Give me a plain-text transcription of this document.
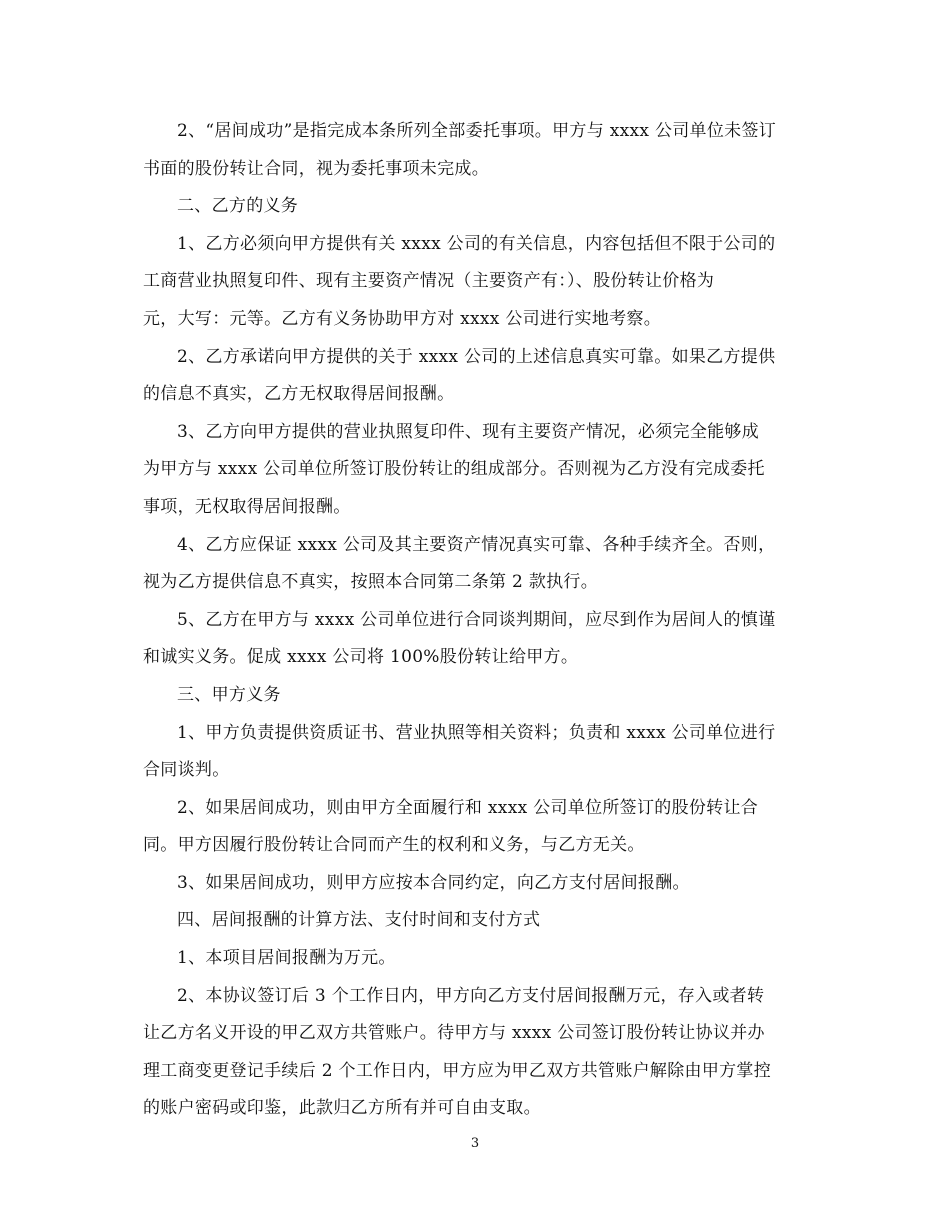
2、“居间成功”是指完成本条所列全部委托事项。甲方与 xxxx 公司单位未签订
书面的股份转让合同，视为委托事项未完成。
二、乙方的义务
1、乙方必须向甲方提供有关 xxxx 公司的有关信息，内容包括但不限于公司的
工商营业执照复印件、现有主要资产情况（主要资产有：）、股份转让价格为
元，大写：元等。乙方有义务协助甲方对 xxxx 公司进行实地考察。
2、乙方承诺向甲方提供的关于 xxxx 公司的上述信息真实可靠。如果乙方提供
的信息不真实，乙方无权取得居间报酬。
3、乙方向甲方提供的营业执照复印件、现有主要资产情况，必须完全能够成
为甲方与 xxxx 公司单位所签订股份转让的组成部分。否则视为乙方没有完成委托
事项，无权取得居间报酬。
4、乙方应保证 xxxx 公司及其主要资产情况真实可靠、各种手续齐全。否则，
视为乙方提供信息不真实，按照本合同第二条第 2 款执行。
5、乙方在甲方与 xxxx 公司单位进行合同谈判期间，应尽到作为居间人的慎谨
和诚实义务。促成 xxxx 公司将 100%股份转让给甲方。
三、甲方义务
1、甲方负责提供资质证书、营业执照等相关资料；负责和 xxxx 公司单位进行
合同谈判。
2、如果居间成功，则由甲方全面履行和 xxxx 公司单位所签订的股份转让合
同。甲方因履行股份转让合同而产生的权利和义务，与乙方无关。
3、如果居间成功，则甲方应按本合同约定，向乙方支付居间报酬。
四、居间报酬的计算方法、支付时间和支付方式
1、本项目居间报酬为万元。
2、本协议签订后 3 个工作日内，甲方向乙方支付居间报酬万元，存入或者转
让乙方名义开设的甲乙双方共管账户。待甲方与 xxxx 公司签订股份转让协议并办
理工商变更登记手续后 2 个工作日内，甲方应为甲乙双方共管账户解除由甲方掌控
的账户密码或印鉴，此款归乙方所有并可自由支取。
3
